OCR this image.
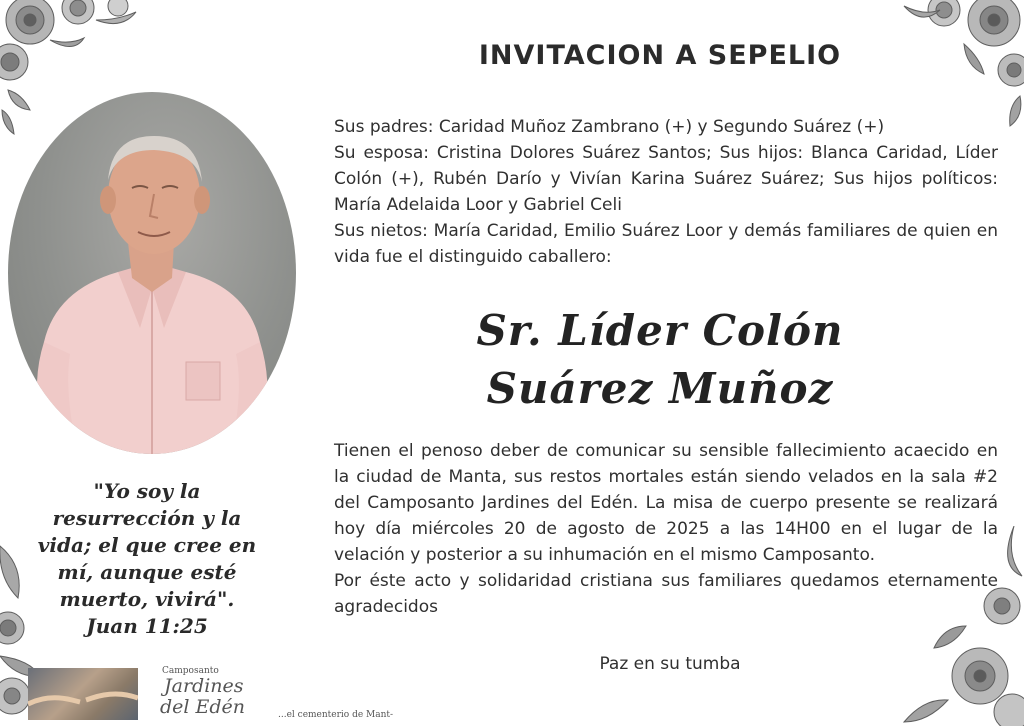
INVITACION A SEPELIO

Sus padres: Caridad Muñoz Zambrano (+) y Segundo Suárez (+)

Su esposa: Cristina Dolores Suárez Santos; Sus hijos: Blanca Caridad, Líder Colón (+), Rubén Darío y Vivían Karina Suárez Suárez; Sus hijos políticos: María Adelaida Loor y Gabriel Celi

Sus nietos: María Caridad, Emilio Suárez Loor y demás familiares de quien en vida fue el distinguido caballero:

Sr. Líder Colón
Suárez Muñoz

Tienen el penoso deber de comunicar su sensible fallecimiento acaecido en la ciudad de Manta, sus restos mortales están siendo velados en la sala #2 del Camposanto Jardines del Edén. La misa de cuerpo presente se realizará hoy día miércoles 20 de agosto de 2025 a las 14H00 en el lugar de la velación y posterior a su inhumación en el mismo Camposanto.

Por éste acto y solidaridad cristiana sus familiares quedamos eternamente agradecidos

Paz en su tumba
"Yo soy la
resurrección y la
vida; el que cree en
mí, aunque esté
muerto, vivirá".
Juan 11:25
Camposanto
Jardines
del Edén	...el cementerio de Mant-
